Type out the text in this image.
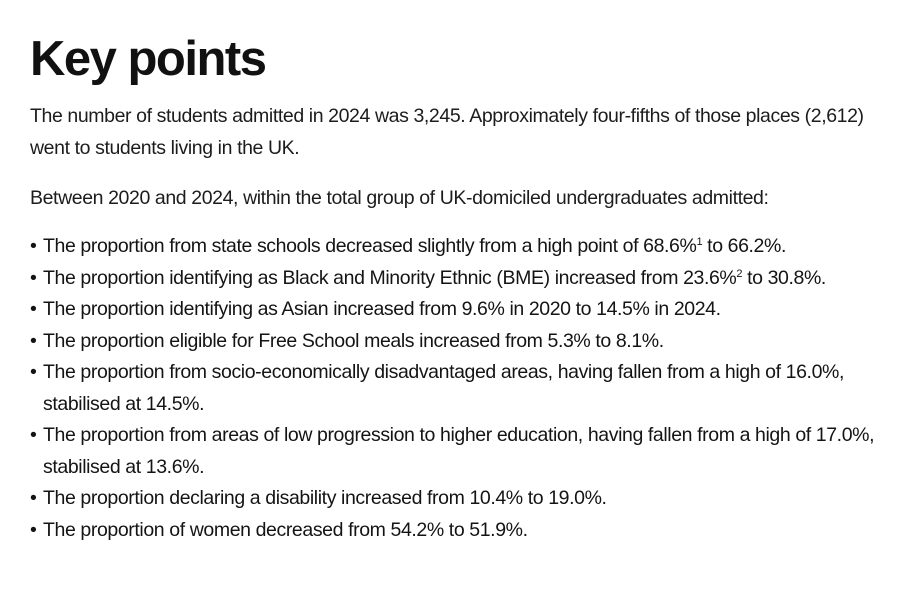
Key points

The number of students admitted in 2024 was 3,245. Approximately four-fifths of those places (2,612) went to students living in the UK.

Between 2020 and 2024, within the total group of UK-domiciled undergraduates admitted:

• The proportion from state schools decreased slightly from a high point of 68.6%$^1$ to 66.2%.
• The proportion identifying as Black and Minority Ethnic (BME) increased from 23.6%$^2$ to 30.8%.
• The proportion identifying as Asian increased from 9.6% in 2020 to 14.5% in 2024.
• The proportion eligible for Free School meals increased from 5.3% to 8.1%.
• The proportion from socio-economically disadvantaged areas, having fallen from a high of 16.0%, stabilised at 14.5%.
• The proportion from areas of low progression to higher education, having fallen from a high of 17.0%, stabilised at 13.6%.
• The proportion declaring a disability increased from 10.4% to 19.0%.
• The proportion of women decreased from 54.2% to 51.9%.
